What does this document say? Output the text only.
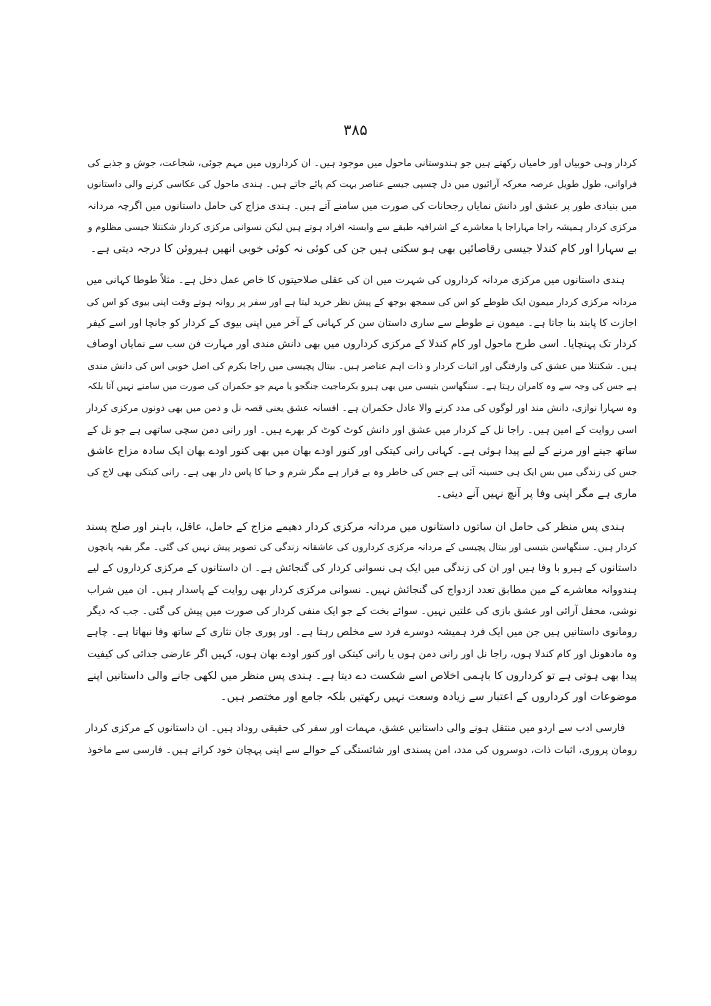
۳۸۵

کردار وہی خوبیاں اور خامیاں رکھتے ہیں جو ہندوستانی ماحول میں موجود ہیں۔ ان کرداروں میں مہم جوئی، شجاعت، جوش و جذبے کی
فراوانی، طول طویل عرصہ معرکہ آرائیوں میں دل چسپی جیسے عناصر بہت کم پائے جاتے ہیں۔ ہندی ماحول کی عکاسی کرنے والی داستانوں
میں بنیادی طور پر عشق اور دانش نمایاں رجحانات کی صورت میں سامنے آتے ہیں۔ ہندی مزاج کی حامل داستانوں میں اگرچہ مردانہ
مرکزی کردار ہمیشہ راجا مہاراجا یا معاشرے کے اشرافیہ طبقے سے وابستہ افراد ہوتے ہیں لیکن نسوانی مرکزی کردار شکنتلا جیسی مظلوم و
بے سہارا اور کام کندلا جیسی رقاصائیں بھی ہو سکتی ہیں جن کی کوئی نہ کوئی خوبی انھیں ہیروئن کا درجہ دیتی ہے۔

ہندی داستانوں میں مرکزی مردانہ کرداروں کی شہرت میں ان کی عقلی صلاحیتوں کا خاص عمل دخل ہے۔ مثلاً طوطا کہانی میں
مردانہ مرکزی کردار میمون ایک طوطے کو اس کی سمجھ بوجھ کے پیش نظر خرید لیتا ہے اور سفر پر روانہ ہوتے وقت اپنی بیوی کو اس کی
اجازت کا پابند بنا جاتا ہے۔ میمون نے طوطے سے ساری داستان سن کر کہانی کے آخر میں اپنی بیوی کے کردار کو جانچا اور اسے کیفر
کردار تک پہنچایا۔ اسی طرح ماحول اور کام کندلا کے مرکزی کرداروں میں بھی دانش مندی اور مہارت فن سب سے نمایاں اوصاف
ہیں۔ شکنتلا میں عشق کی وارفتگی اور اثبات کردار و ذات اہم عناصر ہیں۔ بیتال پچیسی میں راجا بکرم کی اصل خوبی اس کی دانش مندی
ہے جس کی وجہ سے وہ کامران رہتا ہے۔ سنگھاسن بتیسی میں بھی ہیرو بکرماجیت جنگجو یا مہم جو حکمران کی صورت میں سامنے نہیں آتا بلکہ
وہ سہارا نوازی، دانش مند اور لوگوں کی مدد کرنے والا عادل حکمران ہے۔ افسانہ عشق یعنی قصہ نل و دمن میں بھی دونوں مرکزی کردار
اسی روایت کے امین ہیں۔ راجا نل کے کردار میں عشق اور دانش کوٹ کوٹ کر بھرے ہیں۔ اور رانی دمن سچی ساتھی ہے جو نل کے
ساتھ جینے اور مرنے کے لیے پیدا ہوئی ہے۔ کہانی رانی کیتکی اور کنور اودے بھان میں بھی کنور اودے بھان ایک سادہ مزاج عاشق
جس کی زندگی میں بس ایک ہی حسینہ آئی ہے جس کی خاطر وہ بے قرار ہے مگر شرم و حیا کا پاس دار بھی ہے۔ رانی کیتکی بھی لاج کی
ماری ہے مگر اپنی وفا پر آنچ نہیں آنے دیتی۔

ہندی پس منظر کی حامل ان ساتوں داستانوں میں مردانہ مرکزی کردار دھیمے مزاج کے حامل، عاقل، باہنر اور صلح پسند
کردار ہیں۔ سنگھاسن بتیسی اور بیتال پچیسی کے مردانہ مرکزی کرداروں کی عاشقانہ زندگی کی تصویر پیش نہیں کی گئی۔ مگر بقیہ پانچوں
داستانوں کے ہیرو با وفا ہیں اور ان کی زندگی میں ایک ہی نسوانی کردار کی گنجائش ہے۔ ان داستانوں کے مرکزی کرداروں کے لیے
ہندووانہ معاشرے کے مین مطابق تعدد ازدواج کی گنجائش نہیں۔ نسوانی مرکزی کردار بھی روایت کے پاسدار ہیں۔ ان میں شراب
نوشی، محفل آرائی اور عشق بازی کی علتیں نہیں۔ سوائے بخت کے جو ایک منفی کردار کی صورت میں پیش کی گئی۔ جب کہ دیگر
رومانوی داستانیں ہیں جن میں ایک فرد ہمیشہ دوسرے فرد سے مخلص رہتا ہے۔ اور پوری جان نثاری کے ساتھ وفا نبھاتا ہے۔ چاہے
وہ مادھونل اور کام کندلا ہوں، راجا نل اور رانی دمن ہوں یا رانی کیتکی اور کنور اودے بھان ہوں، کہیں اگر عارضی جدائی کی کیفیت
پیدا بھی ہوتی ہے تو کرداروں کا باہمی اخلاص اسے شکست دے دیتا ہے۔ ہندی پس منظر میں لکھی جانے والی داستانیں اپنے
موضوعات اور کرداروں کے اعتبار سے زیادہ وسعت نہیں رکھتیں بلکہ جامع اور مختصر ہیں۔

فارسی ادب سے اردو میں منتقل ہونے والی داستانیں عشق، مہمات اور سفر کی حقیقی روداد ہیں۔ ان داستانوں کے مرکزی کردار
رومان پروری، اثبات ذات، دوسروں کی مدد، امن پسندی اور شائستگی کے حوالے سے اپنی پہچان خود کراتے ہیں۔ فارسی سے ماخوذ
